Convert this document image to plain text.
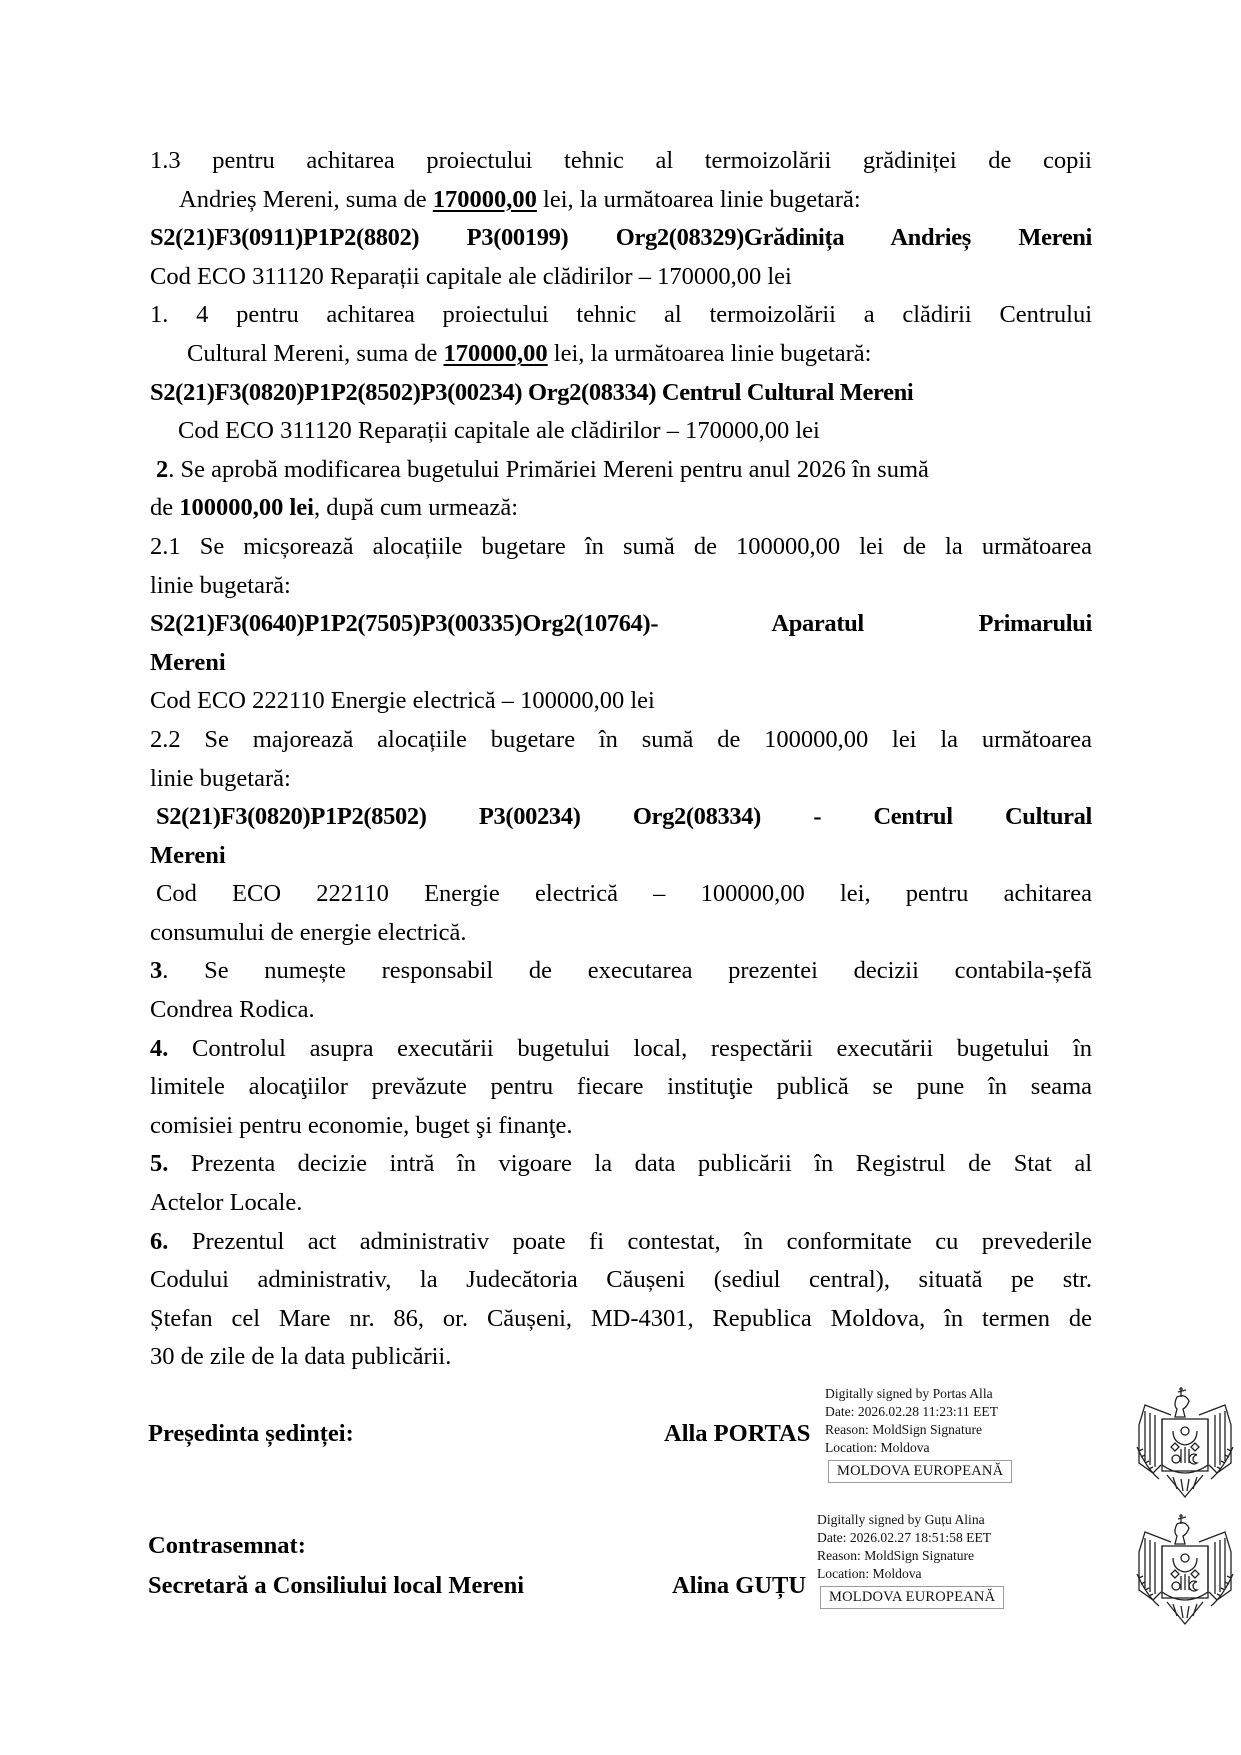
1.3 pentru achitarea proiectului tehnic al termoizolării grădiniței de copii
Andrieș Mereni, suma de 170000,00 lei, la următoarea linie bugetară:
S2(21)F3(0911)P1P2(8802) P3(00199) Org2(08329)Grădinița Andrieș Mereni
Cod ECO 311120 Reparații capitale ale clădirilor – 170000,00 lei
1. 4 pentru achitarea proiectului tehnic al termoizolării a clădirii Centrului
Cultural Mereni, suma de 170000,00 lei, la următoarea linie bugetară:
S2(21)F3(0820)P1P2(8502)P3(00234) Org2(08334) Centrul Cultural Mereni
Cod ECO 311120 Reparații capitale ale clădirilor – 170000,00 lei
2. Se aprobă modificarea bugetului Primăriei Mereni pentru anul 2026 în sumă
de 100000,00 lei, după cum urmează:
2.1 Se micșorează alocațiile bugetare în sumă de 100000,00 lei de la următoarea
linie bugetară:
S2(21)F3(0640)P1P2(7505)P3(00335)Org2(10764)-	Aparatul	Primarului
Mereni
Cod ECO 222110 Energie electrică – 100000,00 lei
2.2 Se majorează alocațiile bugetare în sumă de 100000,00 lei la următoarea
linie bugetară:
S2(21)F3(0820)P1P2(8502) P3(00234) Org2(08334) - Centrul Cultural
Mereni
Cod ECO 222110 Energie electrică – 100000,00 lei, pentru achitarea
consumului de energie electrică.
3. Se numește responsabil de executarea prezentei decizii contabila-șefă
Condrea Rodica.
4. Controlul asupra executării bugetului local, respectării executării bugetului în
limitele alocaţiilor prevăzute pentru fiecare instituţie publică se pune în seama
comisiei pentru economie, buget şi finanţe.
5. Prezenta decizie intră în vigoare la data publicării în Registrul de Stat al
Actelor Locale.
6. Prezentul act administrativ poate fi contestat, în conformitate cu prevederile
Codului administrativ, la Judecătoria Căușeni (sediul central), situată pe str.
Ștefan cel Mare nr. 86, or. Căușeni, MD-4301, Republica Moldova, în termen de
30 de zile de la data publicării.
Președinta ședinței:	Alla PORTAS
Digitally signed by Portas Alla
Date: 2026.02.28 11:23:11 EET
Reason: MoldSign Signature
Location: Moldova
MOLDOVA EUROPEANĂ
Contrasemnat:
Secretară a Consiliului local Mereni	Alina GUȚU
Digitally signed by Guțu Alina
Date: 2026.02.27 18:51:58 EET
Reason: MoldSign Signature
Location: Moldova
MOLDOVA EUROPEANĂ
